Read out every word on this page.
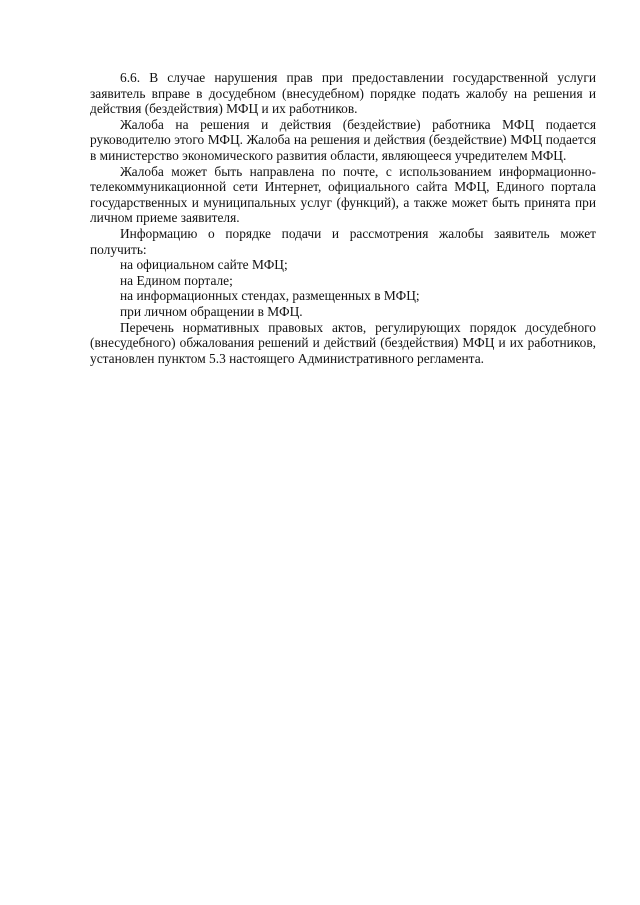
6.6. В случае нарушения прав при предоставлении государственной услуги заявитель вправе в досудебном (внесудебном) порядке подать жалобу на решения и действия (бездействия) МФЦ и их работников.

Жалоба на решения и действия (бездействие) работника МФЦ подается руководителю этого МФЦ. Жалоба на решения и действия (бездействие) МФЦ подается в министерство экономического развития области, являющееся учредителем МФЦ.

Жалоба может быть направлена по почте, с использованием информационно-телекоммуникационной сети Интернет, официального сайта МФЦ, Единого портала государственных и муниципальных услуг (функций), а также может быть принята при личном приеме заявителя.

Информацию о порядке подачи и рассмотрения жалобы заявитель может получить:

на официальном сайте МФЦ;

на Едином портале;

на информационных стендах, размещенных в МФЦ;

при личном обращении в МФЦ.

Перечень нормативных правовых актов, регулирующих порядок досудебного (внесудебного) обжалования решений и действий (бездействия) МФЦ и их работников, установлен пунктом 5.3 настоящего Административного регламента.
